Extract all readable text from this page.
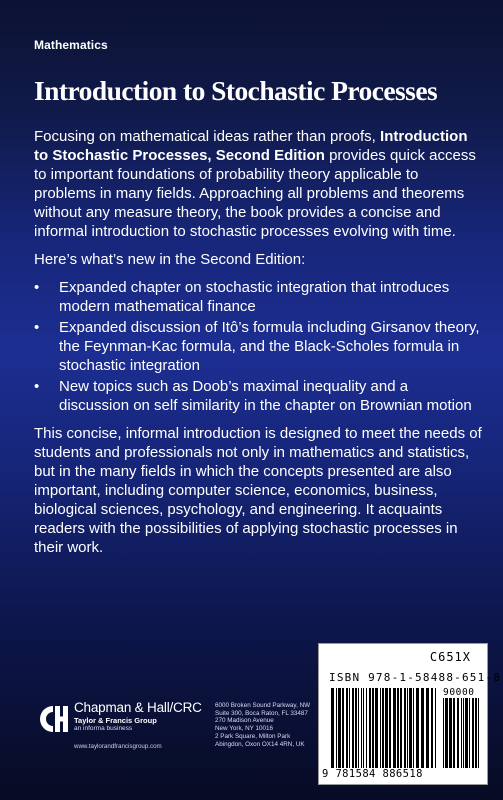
Mathematics
Introduction to Stochastic Processes

Focusing on mathematical ideas rather than proofs, Introduction to Stochastic Processes, Second Edition provides quick access to important foundations of probability theory applicable to problems in many fields. Approaching all problems and theorems without any measure theory, the book provides a concise and informal introduction to stochastic processes evolving with time.

Here’s what’s new in the Second Edition:

• Expanded chapter on stochastic integration that introduces modern mathematical finance
• Expanded discussion of Itô’s formula including Girsanov theory, the Feynman-Kac formula, and the Black-Scholes formula in stochastic integration
• New topics such as Doob’s maximal inequality and a discussion on self similarity in the chapter on Brownian motion

This concise, informal introduction is designed to meet the needs of students and professionals not only in mathematics and statistics, but in the many fields in which the concepts presented are also important, including computer science, economics, business, biological sciences, psychology, and engineering. It acquaints readers with the possibilities of applying stochastic processes in their work.

Chapman & Hall/CRC
Taylor & Francis Group
an informa business
www.taylorandfrancisgroup.com
6000 Broken Sound Parkway, NW
Suite 300, Boca Raton, FL 33487
270 Madison Avenue
New York, NY 10016
2 Park Square, Milton Park
Abingdon, Oxon OX14 4RN, UK
C651X
ISBN 978-1-58488-651-8
90000
9 781584 886518
